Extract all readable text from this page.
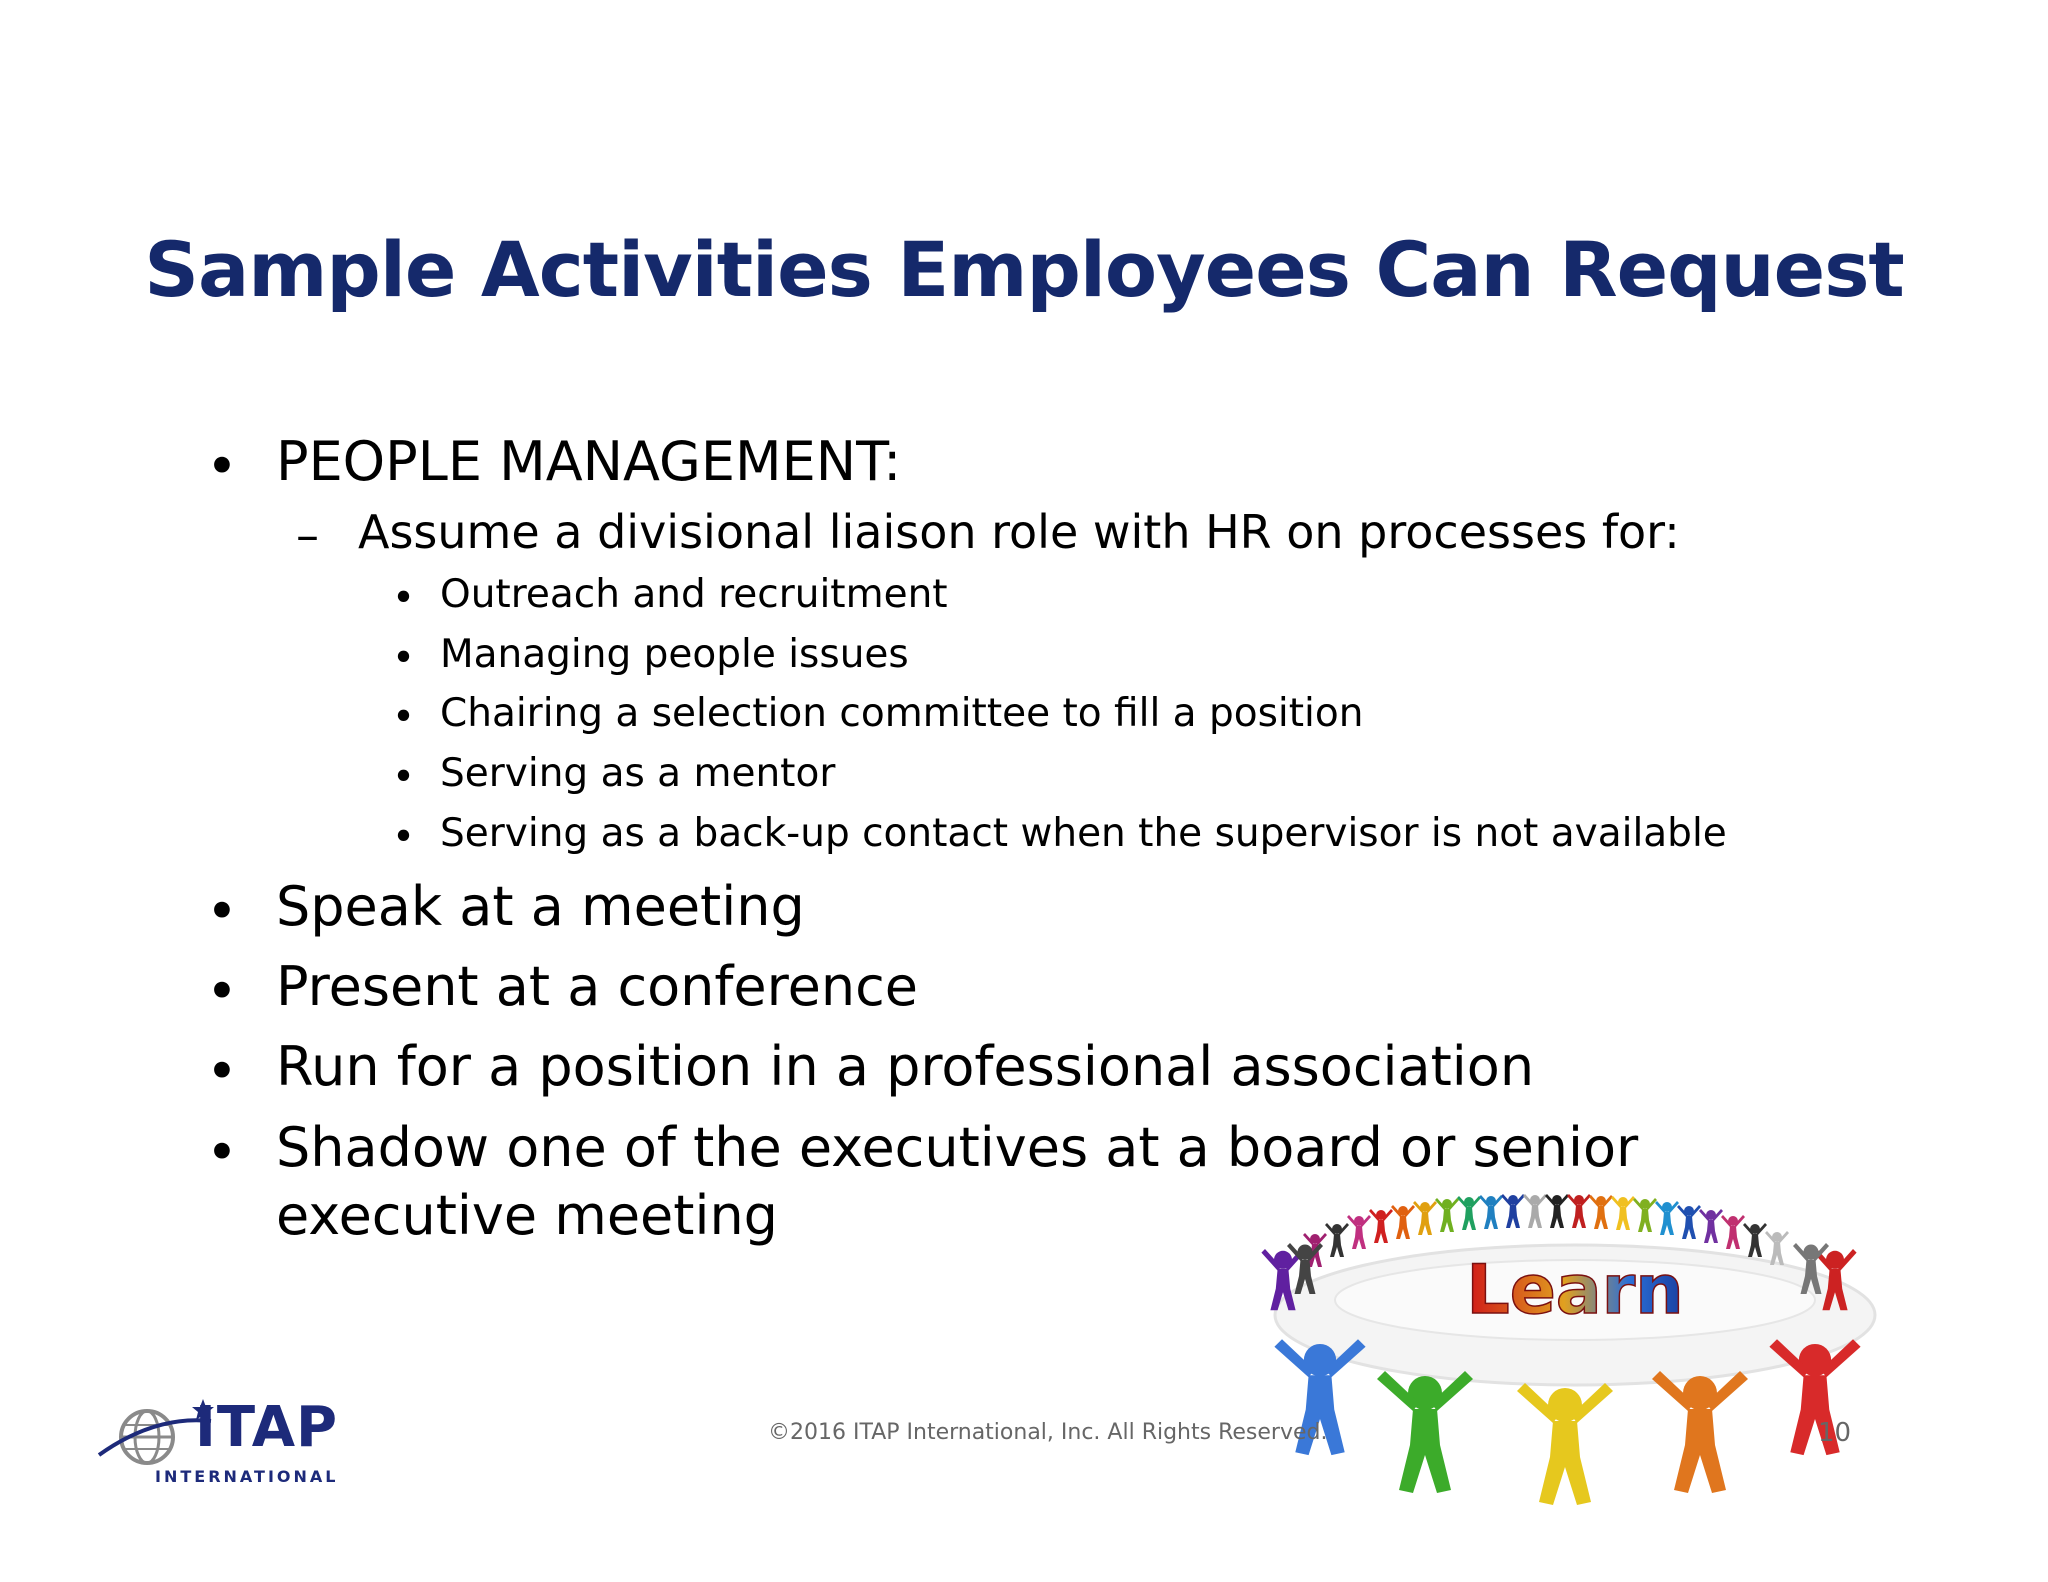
Sample Activities Employees Can Request
• PEOPLE MANAGEMENT:
– Assume a divisional liaison role with HR on processes for:
• Outreach and recruitment
• Managing people issues
• Chairing a selection committee to fill a position
• Serving as a mentor
• Serving as a back-up contact when the supervisor is not available
• Speak at a meeting
• Present at a conference
• Run for a position in a professional association
• Shadow one of the executives at a board or senior
executive meeting
Learn
ITAP
INTERNATIONAL
©2016 ITAP International, Inc. All Rights Reserved.	10
